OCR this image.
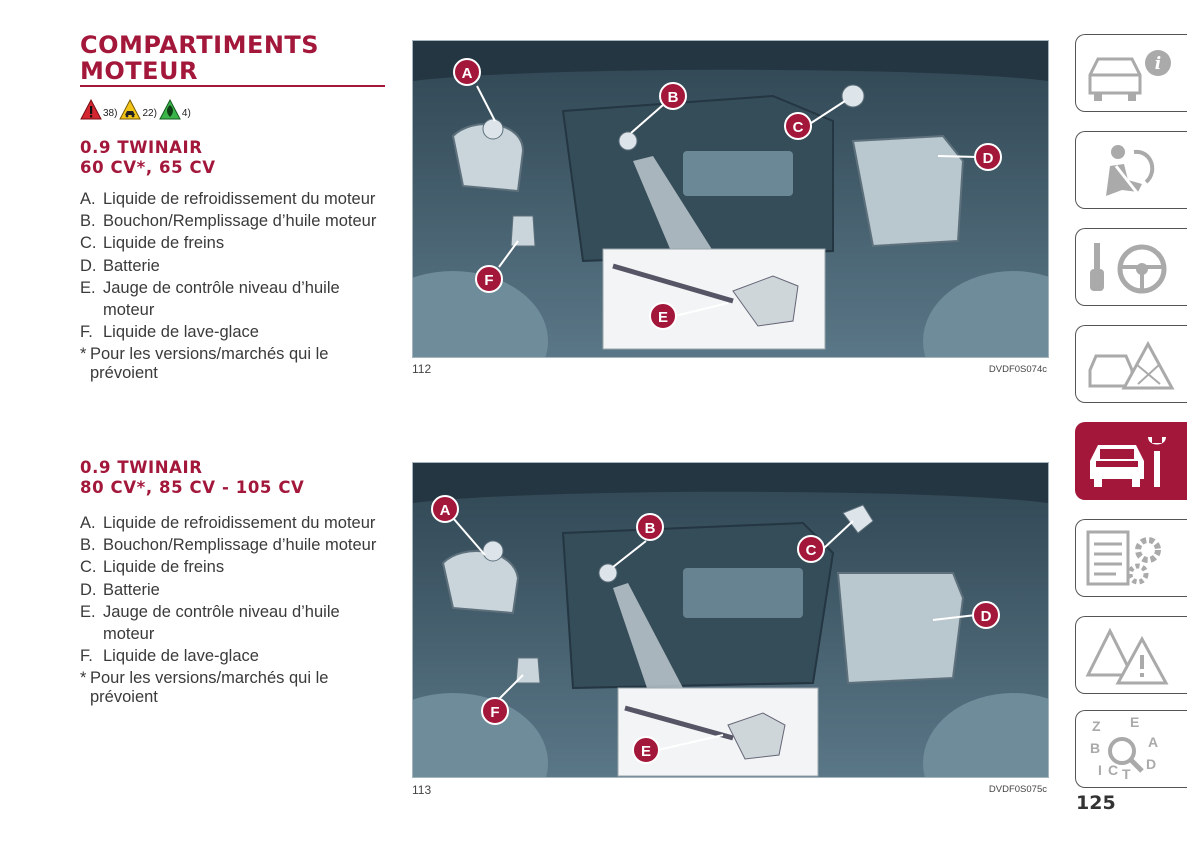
COMPARTIMENTS
MOTEUR
38)	22)	4)
0.9 TWINAIR
60 CV*, 65 CV
A. Liquide de refroidissement du moteur
B. Bouchon/Remplissage d’huile moteur
C. Liquide de freins
D. Batterie
E. Jauge de contrôle niveau d’huile moteur
F. Liquide de lave-glace
* Pour les versions/marchés qui le prévoient
0.9 TWINAIR
80 CV*, 85 CV - 105 CV
A. Liquide de refroidissement du moteur
B. Bouchon/Remplissage d’huile moteur
C. Liquide de freins
D. Batterie
E. Jauge de contrôle niveau d’huile moteur
F. Liquide de lave-glace
* Pour les versions/marchés qui le prévoient
A
B
C
D
E
F
112	DVDF0S074c
A
B
C
D
E
F
113	DVDF0S075c
i
Z E
B	A
I C T
D
125
